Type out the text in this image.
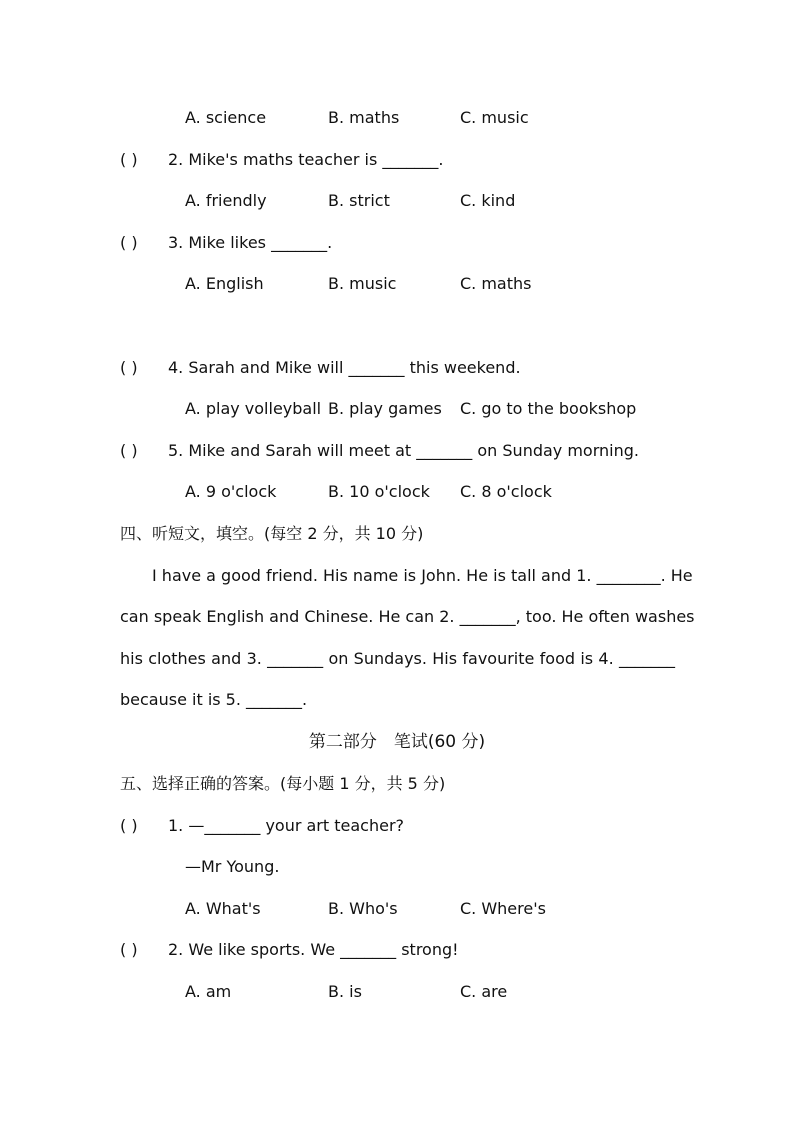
A. science	B. maths	C. music
( ) 2. Mike's maths teacher is _______.
A. friendly	B. strict	C. kind
( ) 3. Mike likes _______.
A. English	B. music	C. maths
( ) 4. Sarah and Mike will _______ this weekend.
A. play volleyball B. play games C. go to the bookshop
( ) 5. Mike and Sarah will meet at _______ on Sunday morning.
A. 9 o'clock	B. 10 o'clock C. 8 o'clock
四、听短文，填空。(每空 2 分，共 10 分)
I have a good friend. His name is John. He is tall and 1. ________. He
can speak English and Chinese. He can 2. _______, too. He often washes
his clothes and 3. _______ on Sundays. His favourite food is 4. _______
because it is 5. _______.
第二部分　笔试(60 分)
五、选择正确的答案。(每小题 1 分，共 5 分)
( ) 1. —_______ your art teacher?
—Mr Young.
A. What's	B. Who's	C. Where's
( ) 2. We like sports. We _______ strong!
A. am	B. is	C. are
